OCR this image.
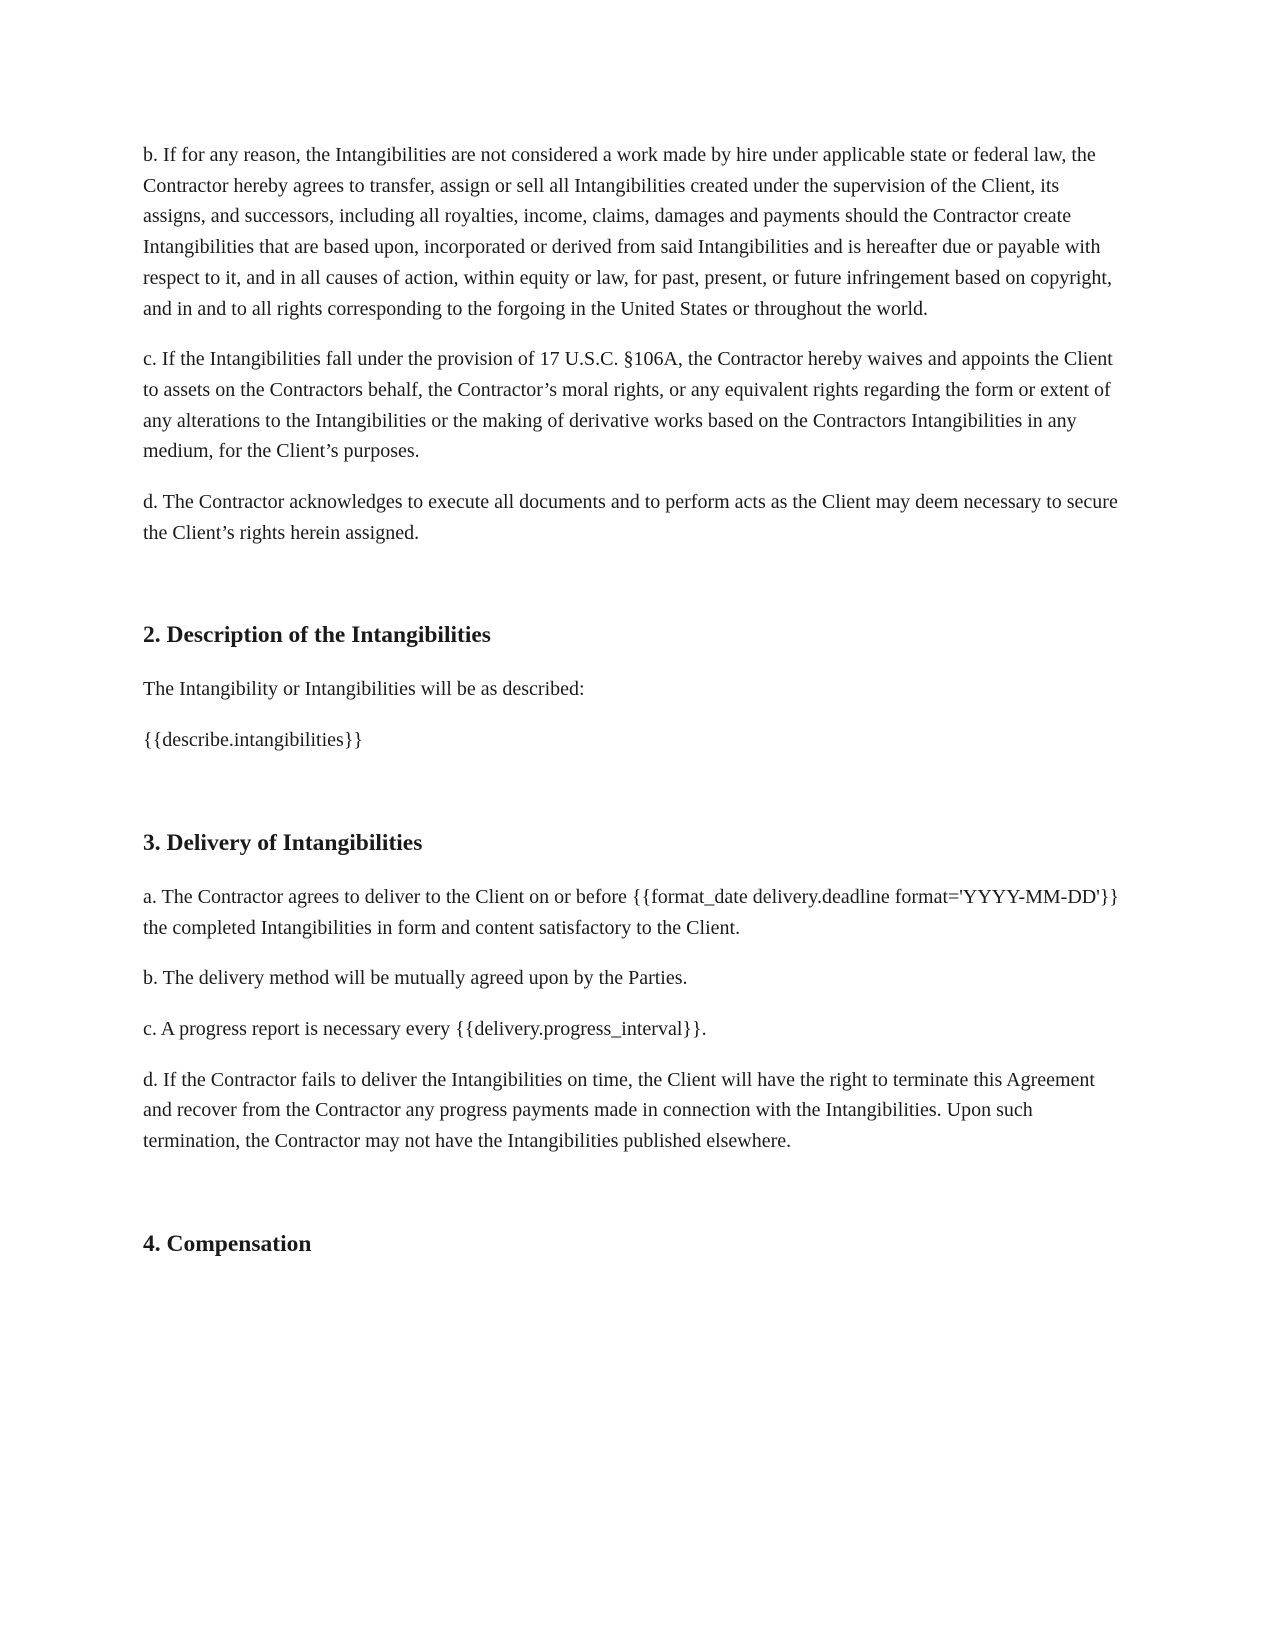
b. If for any reason, the Intangibilities are not considered a work made by hire under applicable state or federal law, the Contractor hereby agrees to transfer, assign or sell all Intangibilities created under the supervision of the Client, its assigns, and successors, including all royalties, income, claims, damages and payments should the Contractor create Intangibilities that are based upon, incorporated or derived from said Intangibilities and is hereafter due or payable with respect to it, and in all causes of action, within equity or law, for past, present, or future infringement based on copyright, and in and to all rights corresponding to the forgoing in the United States or throughout the world.

c. If the Intangibilities fall under the provision of 17 U.S.C. §106A, the Contractor hereby waives and appoints the Client to assets on the Contractors behalf, the Contractor’s moral rights, or any equivalent rights regarding the form or extent of any alterations to the Intangibilities or the making of derivative works based on the Contractors Intangibilities in any medium, for the Client’s purposes.

d. The Contractor acknowledges to execute all documents and to perform acts as the Client may deem necessary to secure the Client’s rights herein assigned.

2. Description of the Intangibilities

The Intangibility or Intangibilities will be as described:

{{describe.intangibilities}}

3. Delivery of Intangibilities

a. The Contractor agrees to deliver to the Client on or before {{format_date delivery.deadline format='YYYY-MM-DD'}} the completed Intangibilities in form and content satisfactory to the Client.

b. The delivery method will be mutually agreed upon by the Parties.

c. A progress report is necessary every {{delivery.progress_interval}}.

d. If the Contractor fails to deliver the Intangibilities on time, the Client will have the right to terminate this Agreement and recover from the Contractor any progress payments made in connection with the Intangibilities. Upon such termination, the Contractor may not have the Intangibilities published elsewhere.

4. Compensation
